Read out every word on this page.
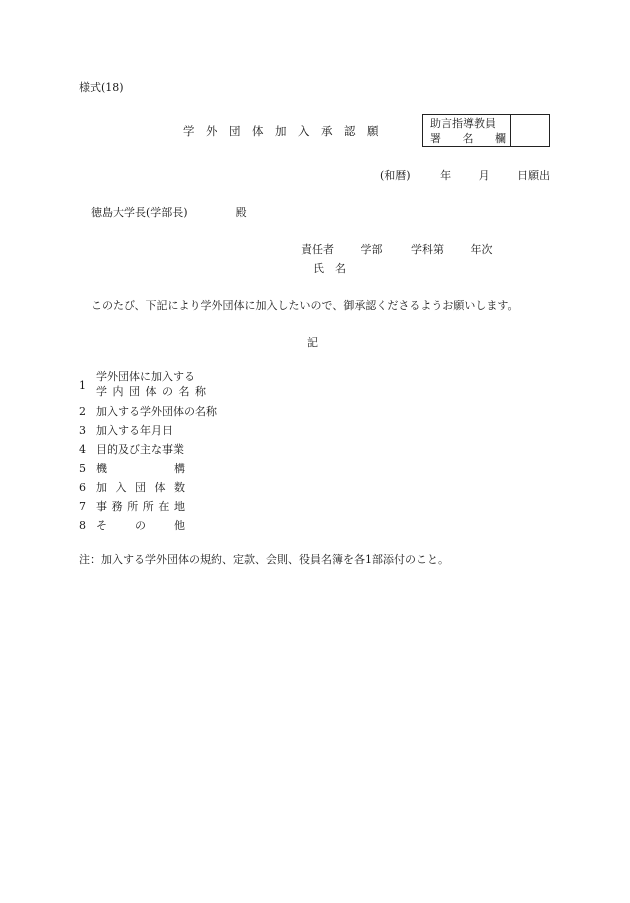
様式(18)
学 外 団 体 加 入 承 認 願
助言指導教員
署 名 欄
(和暦)	年	月	日願出
徳島大学長(学部長)	殿
責任者 学部	学科第 年次
氏　名
このたび、下記により学外団体に加入したいので、御承認くださるようお願いします。
記
1
学外団体に加入する
学 内 団 体 の 名 称
2 加入する学外団体の名称
3 加入する年月日
4 目的及び主な事業
5 機	構
6 加 入 団 体 数
7 事 務 所 所 在 地
8 そ	の	他
注：加入する学外団体の規約、定款、会則、役員名簿を各1部添付のこと。
